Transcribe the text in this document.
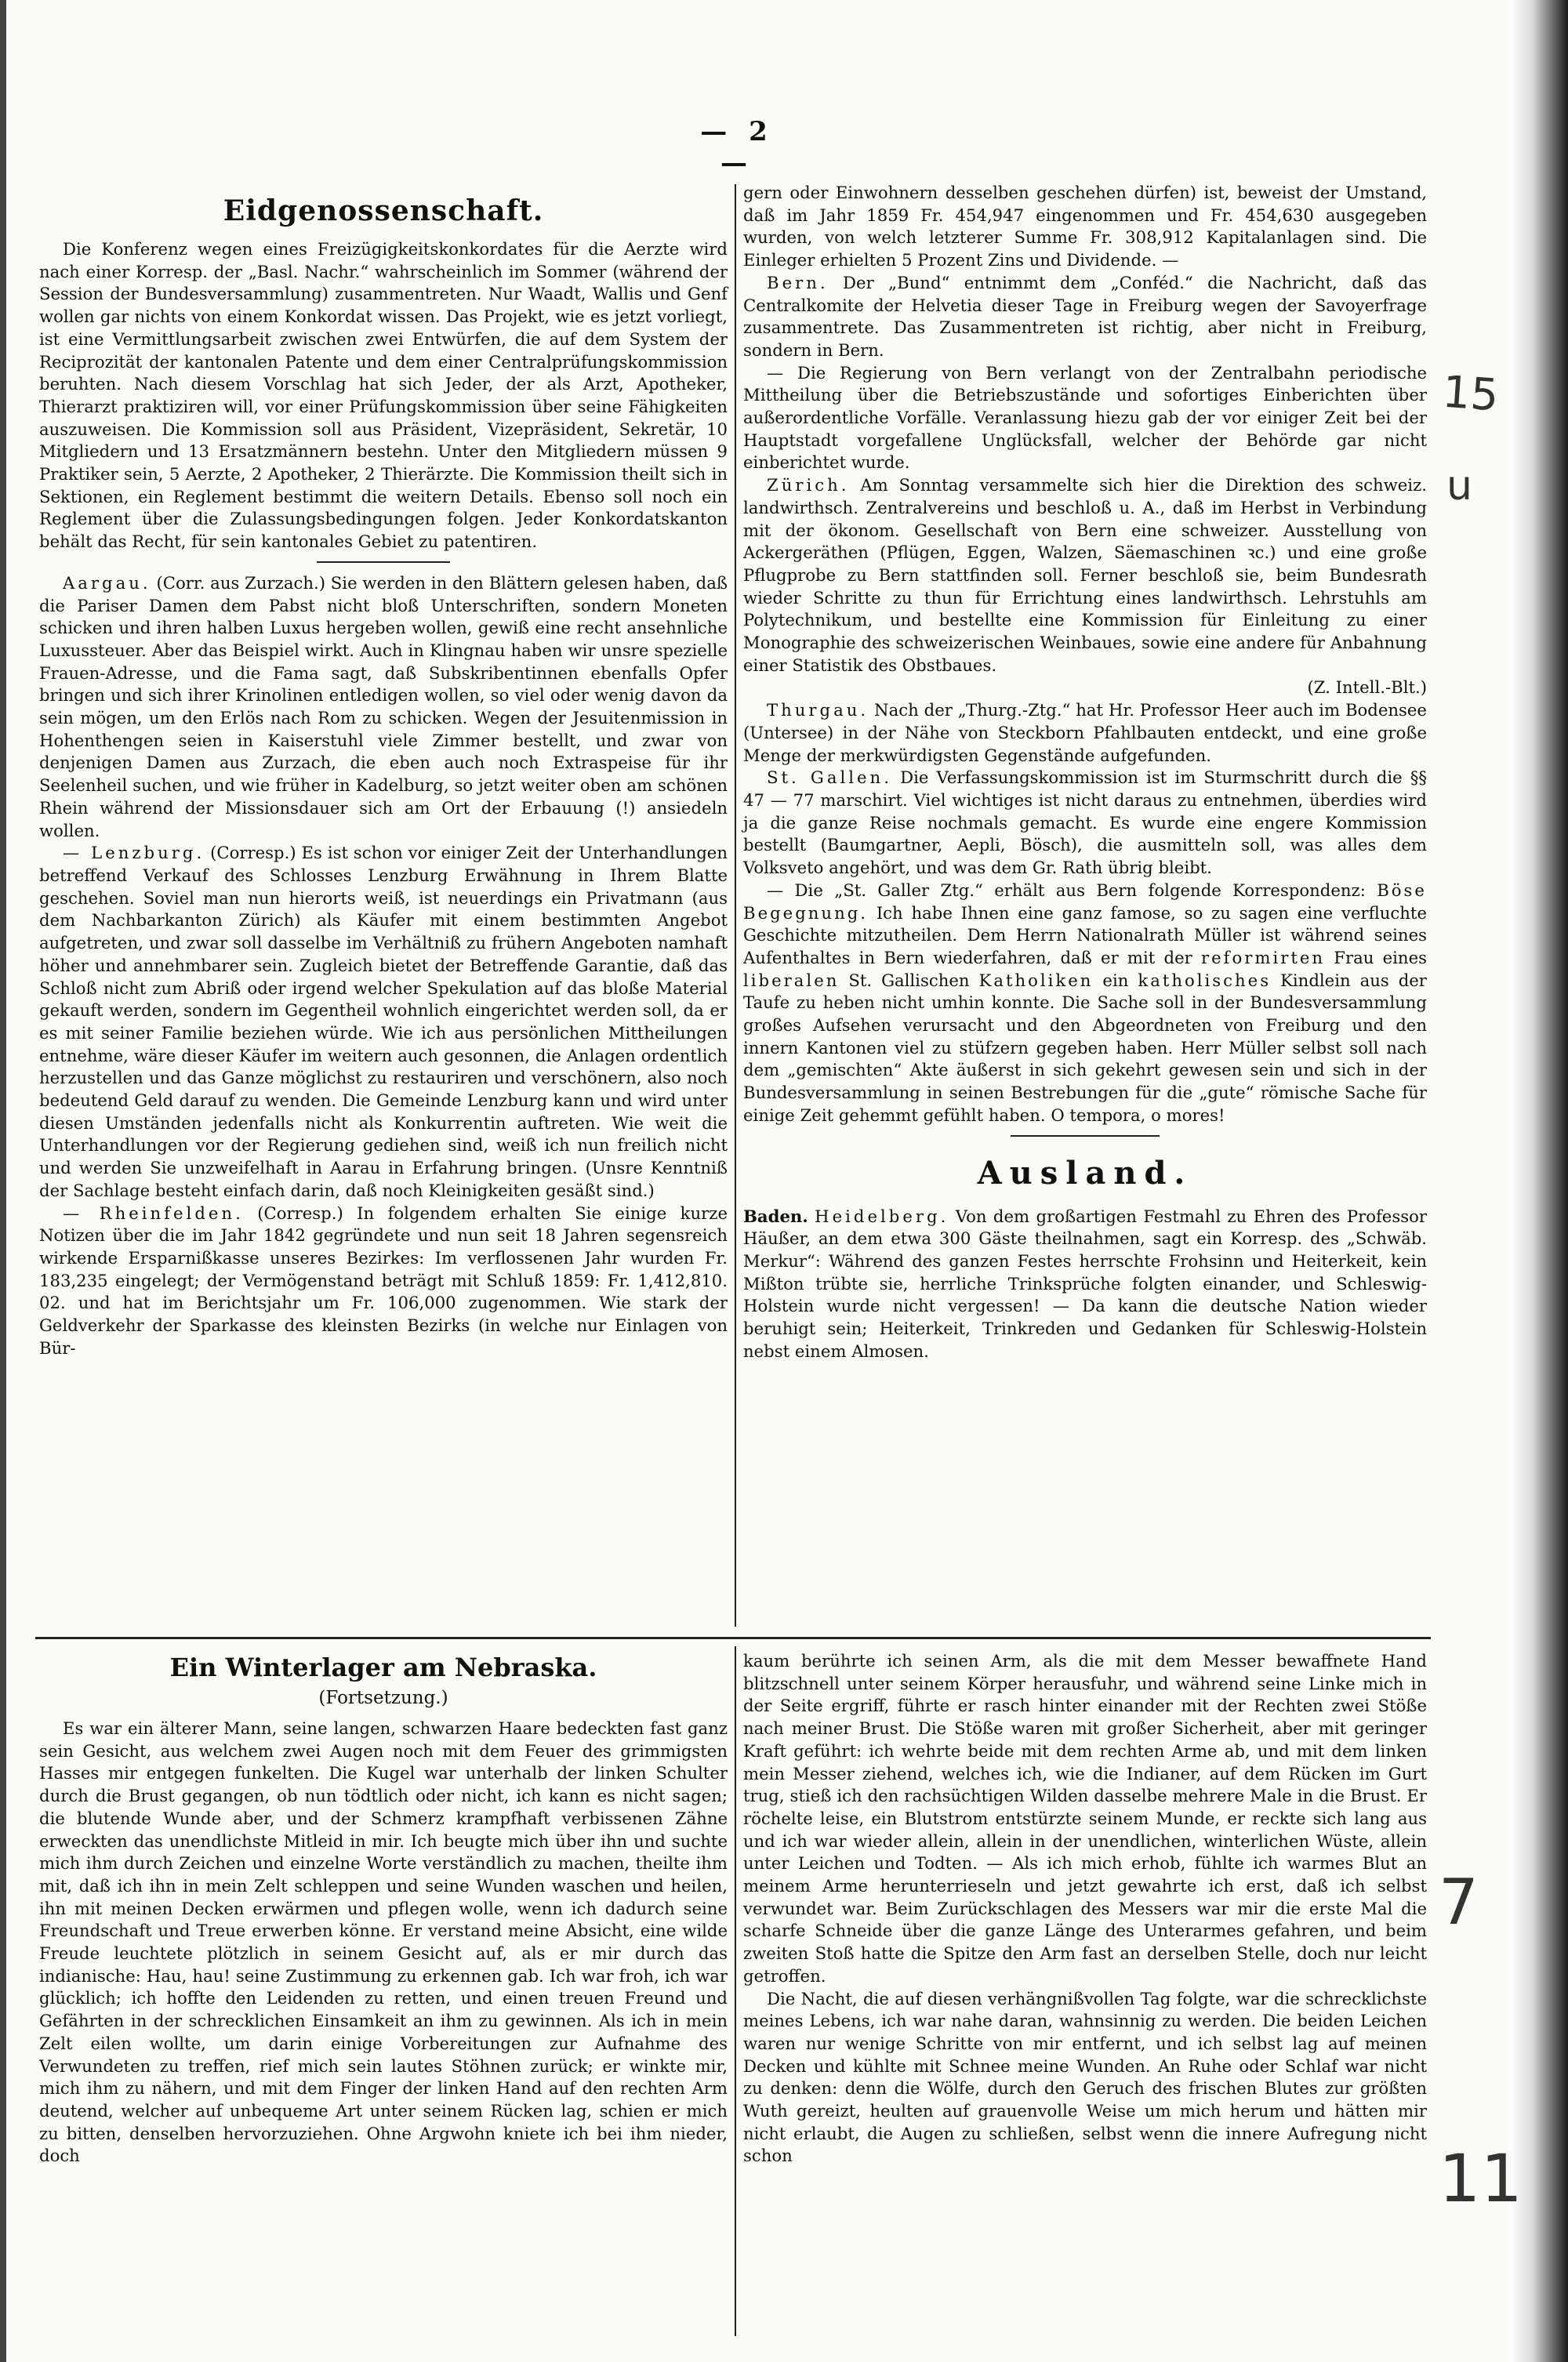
— 2 —
Eidgenossenschaft.

Die Konferenz wegen eines Freizügigkeitskonkordates für die Aerzte wird nach einer Korresp. der „Basl. Nachr.“ wahrscheinlich im Sommer (während der Session der Bundesversammlung) zusammentreten. Nur Waadt, Wallis und Genf wollen gar nichts von einem Konkordat wissen. Das Projekt, wie es jetzt vorliegt, ist eine Vermittlungsarbeit zwischen zwei Entwürfen, die auf dem System der Reciprozität der kantonalen Patente und dem einer Centralprüfungskommission beruhten. Nach diesem Vorschlag hat sich Jeder, der als Arzt, Apotheker, Thierarzt praktiziren will, vor einer Prüfungskommission über seine Fähigkeiten auszuweisen. Die Kommission soll aus Präsident, Vizepräsident, Sekretär, 10 Mitgliedern und 13 Ersatzmännern bestehn. Unter den Mitgliedern müssen 9 Praktiker sein, 5 Aerzte, 2 Apotheker, 2 Thierärzte. Die Kommission theilt sich in Sektionen, ein Reglement bestimmt die weitern Details. Ebenso soll noch ein Reglement über die Zulassungsbedingungen folgen. Jeder Konkordatskanton behält das Recht, für sein kantonales Gebiet zu patentiren.

Aargau. (Corr. aus Zurzach.) Sie werden in den Blättern gelesen haben, daß die Pariser Damen dem Pabst nicht bloß Unterschriften, sondern Moneten schicken und ihren halben Luxus hergeben wollen, gewiß eine recht ansehnliche Luxussteuer. Aber das Beispiel wirkt. Auch in Klingnau haben wir unsre spezielle Frauen-Adresse, und die Fama sagt, daß Subskribentinnen ebenfalls Opfer bringen und sich ihrer Krinolinen entledigen wollen, so viel oder wenig davon da sein mögen, um den Erlös nach Rom zu schicken. Wegen der Jesuitenmission in Hohenthengen seien in Kaiserstuhl viele Zimmer bestellt, und zwar von denjenigen Damen aus Zurzach, die eben auch noch Extraspeise für ihr Seelenheil suchen, und wie früher in Kadelburg, so jetzt weiter oben am schönen Rhein während der Missionsdauer sich am Ort der Erbauung (!) ansiedeln wollen.

— Lenzburg. (Corresp.) Es ist schon vor einiger Zeit der Unterhandlungen betreffend Verkauf des Schlosses Lenzburg Erwähnung in Ihrem Blatte geschehen. Soviel man nun hierorts weiß, ist neuerdings ein Privatmann (aus dem Nachbarkanton Zürich) als Käufer mit einem bestimmten Angebot aufgetreten, und zwar soll dasselbe im Verhältniß zu frühern Angeboten namhaft höher und annehmbarer sein. Zugleich bietet der Betreffende Garantie, daß das Schloß nicht zum Abriß oder irgend welcher Spekulation auf das bloße Material gekauft werden, sondern im Gegentheil wohnlich eingerichtet werden soll, da er es mit seiner Familie beziehen würde. Wie ich aus persönlichen Mittheilungen entnehme, wäre dieser Käufer im weitern auch gesonnen, die Anlagen ordentlich herzustellen und das Ganze möglichst zu restauriren und verschönern, also noch bedeutend Geld darauf zu wenden. Die Gemeinde Lenzburg kann und wird unter diesen Umständen jedenfalls nicht als Konkurrentin auftreten. Wie weit die Unterhandlungen vor der Regierung gediehen sind, weiß ich nun freilich nicht und werden Sie unzweifelhaft in Aarau in Erfahrung bringen. (Unsre Kenntniß der Sachlage besteht einfach darin, daß noch Kleinigkeiten gesäßt sind.)

— Rheinfelden. (Corresp.) In folgendem erhalten Sie einige kurze Notizen über die im Jahr 1842 gegründete und nun seit 18 Jahren segensreich wirkende Ersparnißkasse unseres Bezirkes: Im verflossenen Jahr wurden Fr. 183,235 eingelegt; der Vermögenstand beträgt mit Schluß 1859: Fr. 1,412,810. 02. und hat im Berichtsjahr um Fr. 106,000 zugenommen. Wie stark der Geldverkehr der Sparkasse des kleinsten Bezirks (in welche nur Einlagen von Bür-

gern oder Einwohnern desselben geschehen dürfen) ist, beweist der Umstand, daß im Jahr 1859 Fr. 454,947 eingenommen und Fr. 454,630 ausgegeben wurden, von welch letzterer Summe Fr. 308,912 Kapitalanlagen sind. Die Einleger erhielten 5 Prozent Zins und Dividende. —

Bern. Der „Bund“ entnimmt dem „Conféd.“ die Nachricht, daß das Centralkomite der Helvetia dieser Tage in Freiburg wegen der Savoyerfrage zusammentrete. Das Zusammentreten ist richtig, aber nicht in Freiburg, sondern in Bern.

— Die Regierung von Bern verlangt von der Zentralbahn periodische Mittheilung über die Betriebszustände und sofortiges Einberichten über außerordentliche Vorfälle. Veranlassung hiezu gab der vor einiger Zeit bei der Hauptstadt vorgefallene Unglücksfall, welcher der Behörde gar nicht einberichtet wurde.

Zürich. Am Sonntag versammelte sich hier die Direktion des schweiz. landwirthsch. Zentralvereins und beschloß u. A., daß im Herbst in Verbindung mit der ökonom. Gesellschaft von Bern eine schweizer. Ausstellung von Ackergeräthen (Pflügen, Eggen, Walzen, Säemaschinen ꝛc.) und eine große Pflugprobe zu Bern stattfinden soll. Ferner beschloß sie, beim Bundesrath wieder Schritte zu thun für Errichtung eines landwirthsch. Lehrstuhls am Polytechnikum, und bestellte eine Kommission für Einleitung zu einer Monographie des schweizerischen Weinbaues, sowie eine andere für Anbahnung einer Statistik des Obstbaues.

(Z. Intell.-Blt.)

Thurgau. Nach der „Thurg.-Ztg.“ hat Hr. Professor Heer auch im Bodensee (Untersee) in der Nähe von Steckborn Pfahlbauten entdeckt, und eine große Menge der merkwürdigsten Gegenstände aufgefunden.

St. Gallen. Die Verfassungskommission ist im Sturmschritt durch die §§ 47 — 77 marschirt. Viel wichtiges ist nicht daraus zu entnehmen, überdies wird ja die ganze Reise nochmals gemacht. Es wurde eine engere Kommission bestellt (Baumgartner, Aepli, Bösch), die ausmitteln soll, was alles dem Volksveto angehört, und was dem Gr. Rath übrig bleibt.

— Die „St. Galler Ztg.“ erhält aus Bern folgende Korrespondenz: Böse Begegnung. Ich habe Ihnen eine ganz famose, so zu sagen eine verfluchte Geschichte mitzutheilen. Dem Herrn Nationalrath Müller ist während seines Aufenthaltes in Bern wiederfahren, daß er mit der reformirten Frau eines liberalen St. Gallischen Katholiken ein katholisches Kindlein aus der Taufe zu heben nicht umhin konnte. Die Sache soll in der Bundesversammlung großes Aufsehen verursacht und den Abgeordneten von Freiburg und den innern Kantonen viel zu stüfzern gegeben haben. Herr Müller selbst soll nach dem „gemischten“ Akte äußerst in sich gekehrt gewesen sein und sich in der Bundesversammlung in seinen Bestrebungen für die „gute“ römische Sache für einige Zeit gehemmt gefühlt haben. O tempora, o mores!

Ausland.

Baden. Heidelberg. Von dem großartigen Festmahl zu Ehren des Professor Häußer, an dem etwa 300 Gäste theilnahmen, sagt ein Korresp. des „Schwäb. Merkur“: Während des ganzen Festes herrschte Frohsinn und Heiterkeit, kein Mißton trübte sie, herrliche Trinksprüche folgten einander, und Schleswig-Holstein wurde nicht vergessen! — Da kann die deutsche Nation wieder beruhigt sein; Heiterkeit, Trinkreden und Gedanken für Schleswig-Holstein nebst einem Almosen.

Ein Winterlager am Nebraska.
(Fortsetzung.)

Es war ein älterer Mann, seine langen, schwarzen Haare bedeckten fast ganz sein Gesicht, aus welchem zwei Augen noch mit dem Feuer des grimmigsten Hasses mir entgegen funkelten. Die Kugel war unterhalb der linken Schulter durch die Brust gegangen, ob nun tödtlich oder nicht, ich kann es nicht sagen; die blutende Wunde aber, und der Schmerz krampfhaft verbissenen Zähne erweckten das unendlichste Mitleid in mir. Ich beugte mich über ihn und suchte mich ihm durch Zeichen und einzelne Worte verständlich zu machen, theilte ihm mit, daß ich ihn in mein Zelt schleppen und seine Wunden waschen und heilen, ihn mit meinen Decken erwärmen und pflegen wolle, wenn ich dadurch seine Freundschaft und Treue erwerben könne. Er verstand meine Absicht, eine wilde Freude leuchtete plötzlich in seinem Gesicht auf, als er mir durch das indianische: Hau, hau! seine Zustimmung zu erkennen gab. Ich war froh, ich war glücklich; ich hoffte den Leidenden zu retten, und einen treuen Freund und Gefährten in der schrecklichen Einsamkeit an ihm zu gewinnen. Als ich in mein Zelt eilen wollte, um darin einige Vorbereitungen zur Aufnahme des Verwundeten zu treffen, rief mich sein lautes Stöhnen zurück; er winkte mir, mich ihm zu nähern, und mit dem Finger der linken Hand auf den rechten Arm deutend, welcher auf unbequeme Art unter seinem Rücken lag, schien er mich zu bitten, denselben hervorzuziehen. Ohne Argwohn kniete ich bei ihm nieder, doch

kaum berührte ich seinen Arm, als die mit dem Messer bewaffnete Hand blitzschnell unter seinem Körper herausfuhr, und während seine Linke mich in der Seite ergriff, führte er rasch hinter einander mit der Rechten zwei Stöße nach meiner Brust. Die Stöße waren mit großer Sicherheit, aber mit geringer Kraft geführt: ich wehrte beide mit dem rechten Arme ab, und mit dem linken mein Messer ziehend, welches ich, wie die Indianer, auf dem Rücken im Gurt trug, stieß ich den rachsüchtigen Wilden dasselbe mehrere Male in die Brust. Er röchelte leise, ein Blutstrom entstürzte seinem Munde, er reckte sich lang aus und ich war wieder allein, allein in der unendlichen, winterlichen Wüste, allein unter Leichen und Todten. — Als ich mich erhob, fühlte ich warmes Blut an meinem Arme herunterrieseln und jetzt gewahrte ich erst, daß ich selbst verwundet war. Beim Zurückschlagen des Messers war mir die erste Mal die scharfe Schneide über die ganze Länge des Unterarmes gefahren, und beim zweiten Stoß hatte die Spitze den Arm fast an derselben Stelle, doch nur leicht getroffen.

Die Nacht, die auf diesen verhängnißvollen Tag folgte, war die schrecklichste meines Lebens, ich war nahe daran, wahnsinnig zu werden. Die beiden Leichen waren nur wenige Schritte von mir entfernt, und ich selbst lag auf meinen Decken und kühlte mit Schnee meine Wunden. An Ruhe oder Schlaf war nicht zu denken: denn die Wölfe, durch den Geruch des frischen Blutes zur größten Wuth gereizt, heulten auf grauenvolle Weise um mich herum und hätten mir nicht erlaubt, die Augen zu schließen, selbst wenn die innere Aufregung nicht schon

15
u
7
11
